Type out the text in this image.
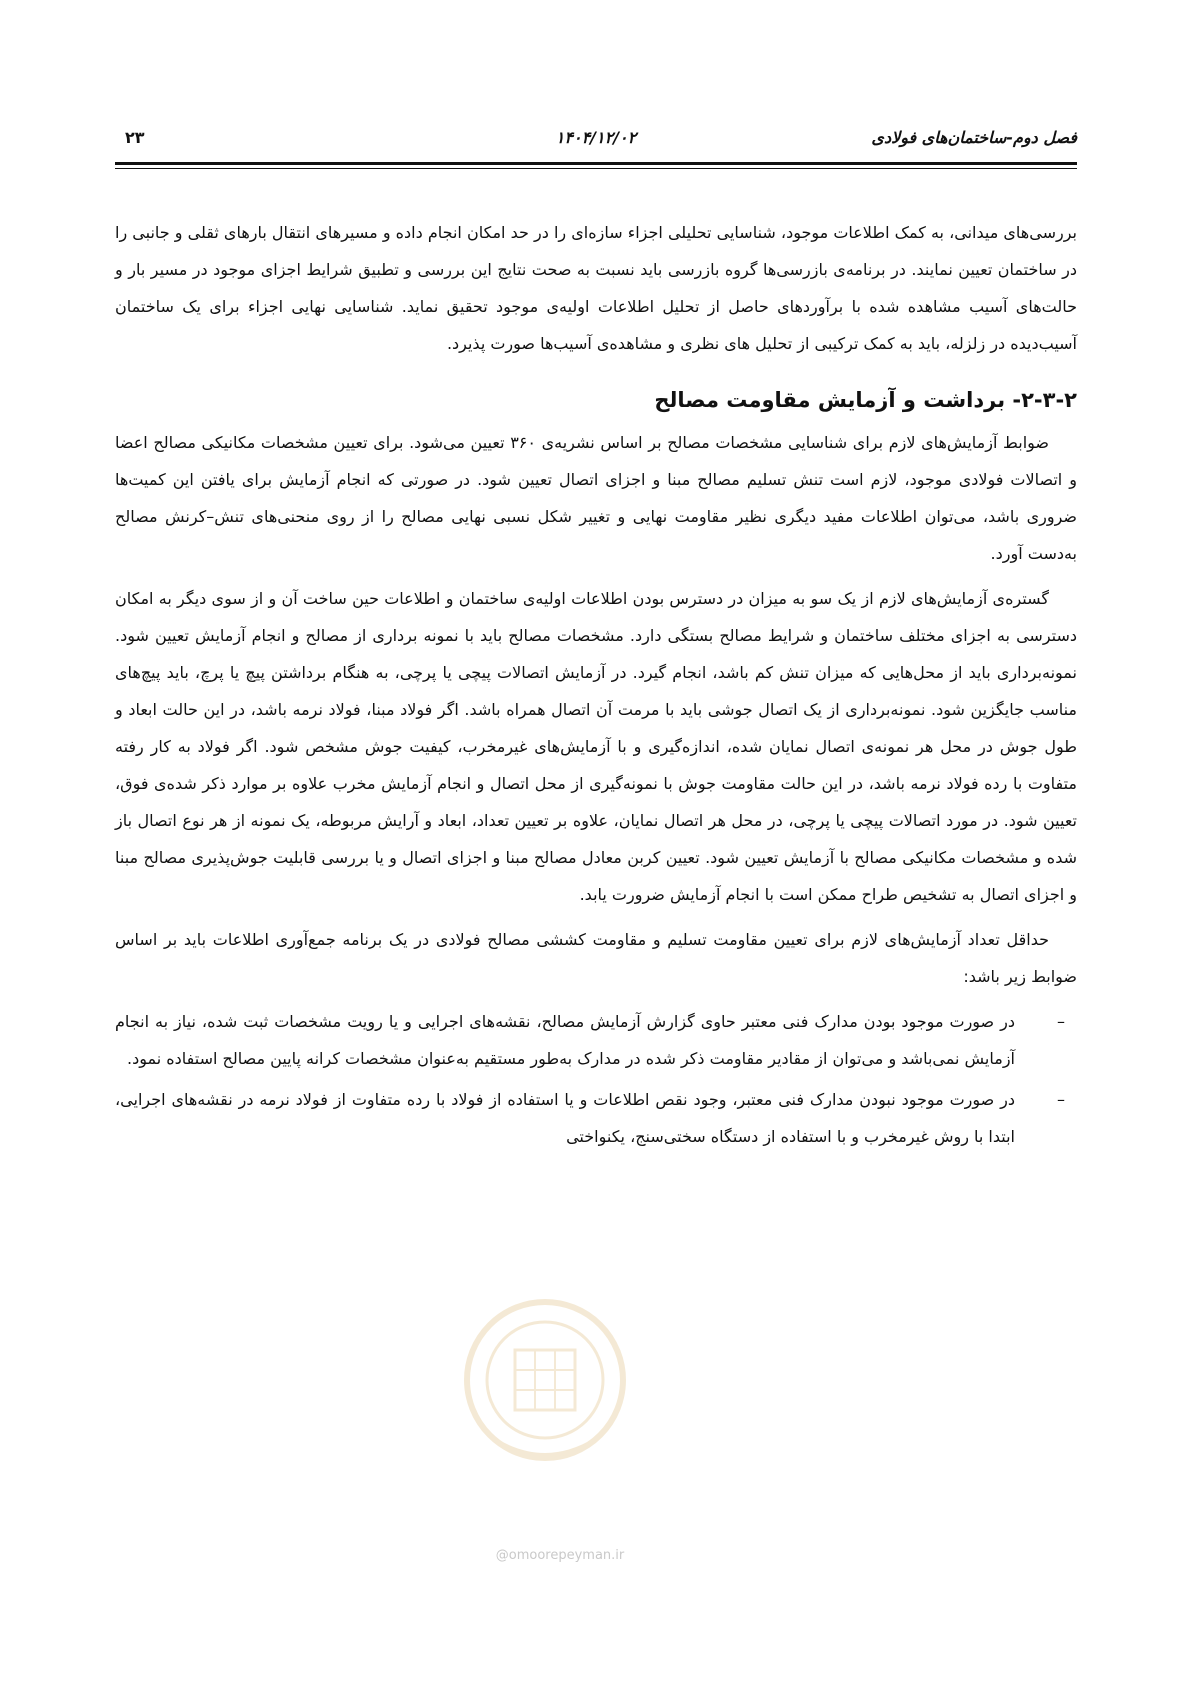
فصل دوم-ساختمان‌های فولادی
۱۴۰۴/۱۲/۰۲
۲۳

بررسی‌های میدانی، به کمک اطلاعات موجود، شناسایی تحلیلی اجزاء سازه‌ای را در حد امکان انجام داده و مسیرهای انتقال بارهای ثقلی و جانبی را در ساختمان تعیین نمایند. در برنامه‌ی بازرسی‌ها گروه بازرسی باید نسبت به صحت نتایج این بررسی و تطبیق شرایط اجزای موجود در مسیر بار و حالت‌های آسیب مشاهده شده با برآوردهای حاصل از تحلیل اطلاعات اولیه‌ی موجود تحقیق نماید. شناسایی نهایی اجزاء برای یک ساختمان آسیب‌دیده در زلزله، باید به کمک ترکیبی از تحلیل های نظری و مشاهده‌ی آسیب‌ها صورت پذیرد.

۲-۳-۲- برداشت و آزمایش مقاومت مصالح

ضوابط آزمایش‌های لازم برای شناسایی مشخصات مصالح بر اساس نشریه‌ی ۳۶۰ تعیین می‌شود. برای تعیین مشخصات مکانیکی مصالح اعضا و اتصالات فولادی موجود، لازم است تنش تسلیم مصالح مبنا و اجزای اتصال تعیین شود. در صورتی که انجام آزمایش برای یافتن این کمیت‌ها ضروری باشد، می‌توان اطلاعات مفید دیگری نظیر مقاومت نهایی و تغییر شکل نسبی نهایی مصالح را از روی منحنی‌های تنش–کرنش مصالح به‌دست آورد.

گستره‌ی آزمایش‌های لازم از یک سو به میزان در دسترس بودن اطلاعات اولیه‌ی ساختمان و اطلاعات حین ساخت آن و از سوی دیگر به امکان دسترسی به اجزای مختلف ساختمان و شرایط مصالح بستگی دارد. مشخصات مصالح باید با نمونه برداری از مصالح و انجام آزمایش تعیین شود. نمونه‌برداری باید از محل‌هایی که میزان تنش کم باشد، انجام گیرد. در آزمایش اتصالات پیچی یا پرچی، به هنگام برداشتن پیچ یا پرچ، باید پیچ‌های مناسب جایگزین شود. نمونه‌برداری از یک اتصال جوشی باید با مرمت آن اتصال همراه باشد. اگر فولاد مبنا، فولاد نرمه باشد، در این حالت ابعاد و طول جوش در محل هر نمونه‌ی اتصال نمایان شده، اندازه‌گیری و با آزمایش‌های غیرمخرب، کیفیت جوش مشخص شود. اگر فولاد به کار رفته متفاوت با رده فولاد نرمه باشد، در این حالت مقاومت جوش با نمونه‌گیری از محل اتصال و انجام آزمایش مخرب علاوه بر موارد ذکر شده‌ی فوق، تعیین شود. در مورد اتصالات پیچی یا پرچی، در محل هر اتصال نمایان، علاوه بر تعیین تعداد، ابعاد و آرایش مربوطه، یک نمونه از هر نوع اتصال باز شده و مشخصات مکانیکی مصالح با آزمایش تعیین شود. تعیین کربن معادل مصالح مبنا و اجزای اتصال و یا بررسی قابلیت جوش‌پذیری مصالح مبنا و اجزای اتصال به تشخیص طراح ممکن است با انجام آزمایش ضرورت یابد.

حداقل تعداد آزمایش‌های لازم برای تعیین مقاومت تسلیم و مقاومت کششی مصالح فولادی در یک برنامه جمع‌آوری اطلاعات باید بر اساس ضوابط زیر باشد:

–
در صورت موجود بودن مدارک فنی معتبر حاوی گزارش آزمایش مصالح، نقشه‌های اجرایی و یا رویت مشخصات ثبت شده، نیاز به انجام آزمایش نمی‌باشد و می‌توان از مقادیر مقاومت ذکر شده در مدارک به‌طور مستقیم به‌عنوان مشخصات کرانه پایین مصالح استفاده نمود.
–
در صورت موجود نبودن مدارک فنی معتبر، وجود نقص اطلاعات و یا استفاده از فولاد با رده متفاوت از فولاد نرمه در نقشه‌های اجرایی، ابتدا با روش غیرمخرب و با استفاده از دستگاه سختی‌سنج، یکنواختی
@omoorepeyman.ir
